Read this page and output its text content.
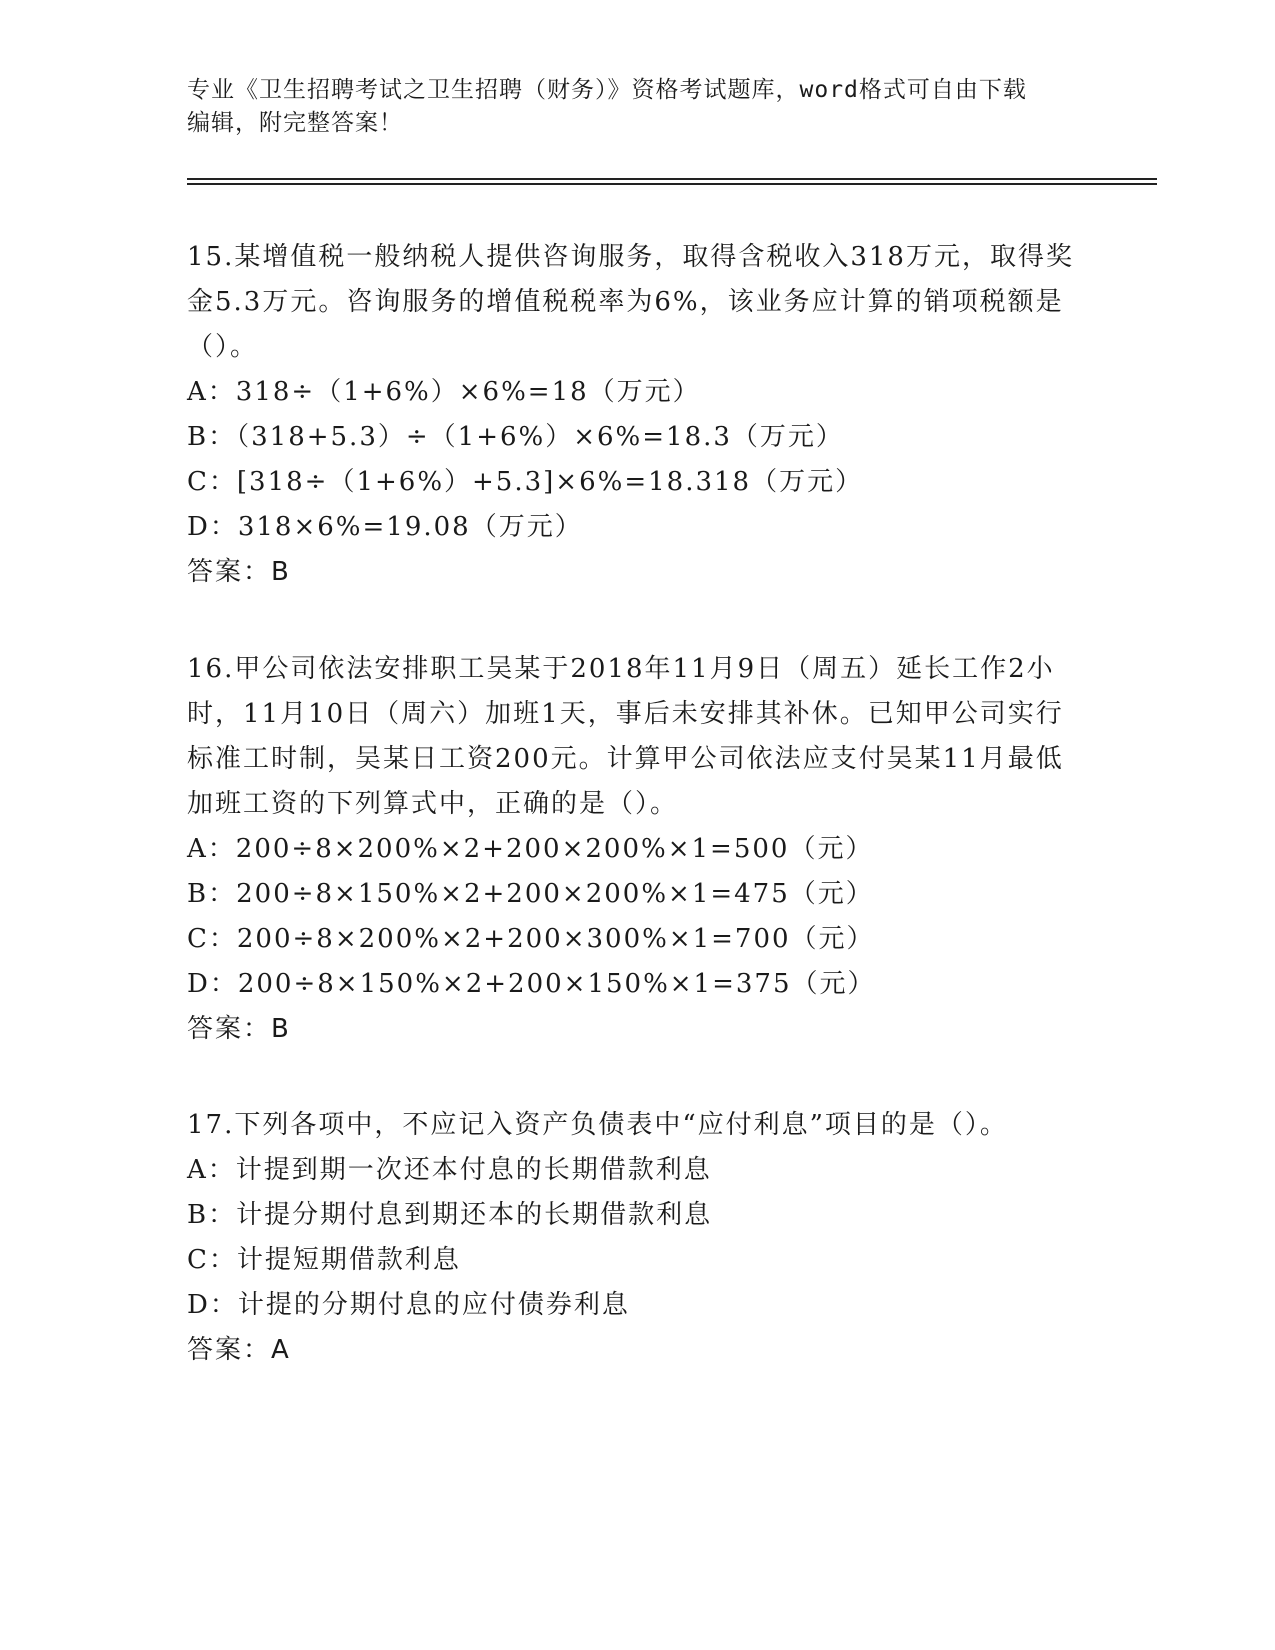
专业《卫生招聘考试之卫生招聘（财务）》资格考试题库，word格式可自由下载
编辑，附完整答案！
15.某增值税一般纳税人提供咨询服务，取得含税收入318万元，取得奖金5.3万元。咨询服务的增值税税率为6%，该业务应计算的销项税额是（）。
A：318÷（1+6%）×6%=18（万元）
B：（318+5.3）÷（1+6%）×6%=18.3（万元）
C：[318÷（1+6%）+5.3]×6%=18.318（万元）
D：318×6%=19.08（万元）
答案：B
16.甲公司依法安排职工吴某于2018年11月9日（周五）延长工作2小时，11月10日（周六）加班1天，事后未安排其补休。已知甲公司实行标准工时制，吴某日工资200元。计算甲公司依法应支付吴某11月最低加班工资的下列算式中，正确的是（）。
A：200÷8×200%×2+200×200%×1=500（元）
B：200÷8×150%×2+200×200%×1=475（元）
C：200÷8×200%×2+200×300%×1=700（元）
D：200÷8×150%×2+200×150%×1=375（元）
答案：B
17.下列各项中，不应记入资产负债表中“应付利息”项目的是（）。
A：计提到期一次还本付息的长期借款利息
B：计提分期付息到期还本的长期借款利息
C：计提短期借款利息
D：计提的分期付息的应付债券利息
答案：A
